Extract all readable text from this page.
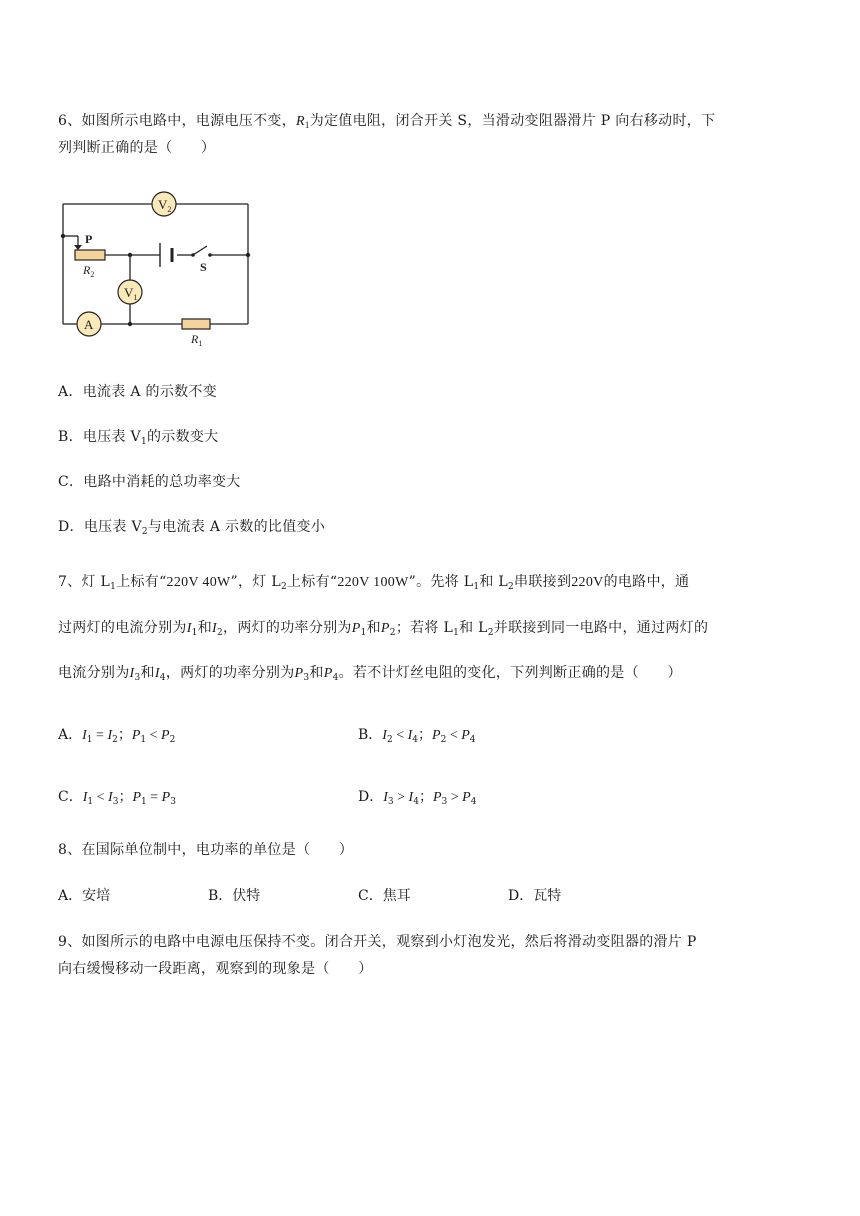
6、如图所示电路中，电源电压不变，$R_1$为定值电阻，闭合开关 S，当滑动变阻器滑片 P 向右移动时，下
列判断正确的是（　　）
$V_2$
$V_1$
A
P
S
$R_2$
$R_1$
A．电流表 A 的示数不变
B．电压表 $V_1$的示数变大
C．电路中消耗的总功率变大
D．电压表 $V_2$与电流表 A 示数的比值变小
7、灯 $L_1$上标有“220V 40W”，灯 $L_2$上标有“220V 100W”。先将 $L_1$和 $L_2$串联接到220V的电路中，通
过两灯的电流分别为$I_1$和$I_2$，两灯的功率分别为$P_1$和$P_2$；若将 $L_1$和 $L_2$并联接到同一电路中，通过两灯的
电流分别为$I_3$和$I_4$，两灯的功率分别为$P_3$和$P_4$。若不计灯丝电阻的变化，下列判断正确的是（　　）
A．$I_1 = I_2$；$P_1 < P_2$	B．$I_2 < I_4$；$P_2 < P_4$
C．$I_1 < I_3$；$P_1 = P_3$	D．$I_3 > I_4$；$P_3 > P_4$
8、在国际单位制中，电功率的单位是（　　）
A．安培	B．伏特	C．焦耳	D．瓦特
9、如图所示的电路中电源电压保持不变。闭合开关，观察到小灯泡发光，然后将滑动变阻器的滑片 P
向右缓慢移动一段距离，观察到的现象是（　　）
